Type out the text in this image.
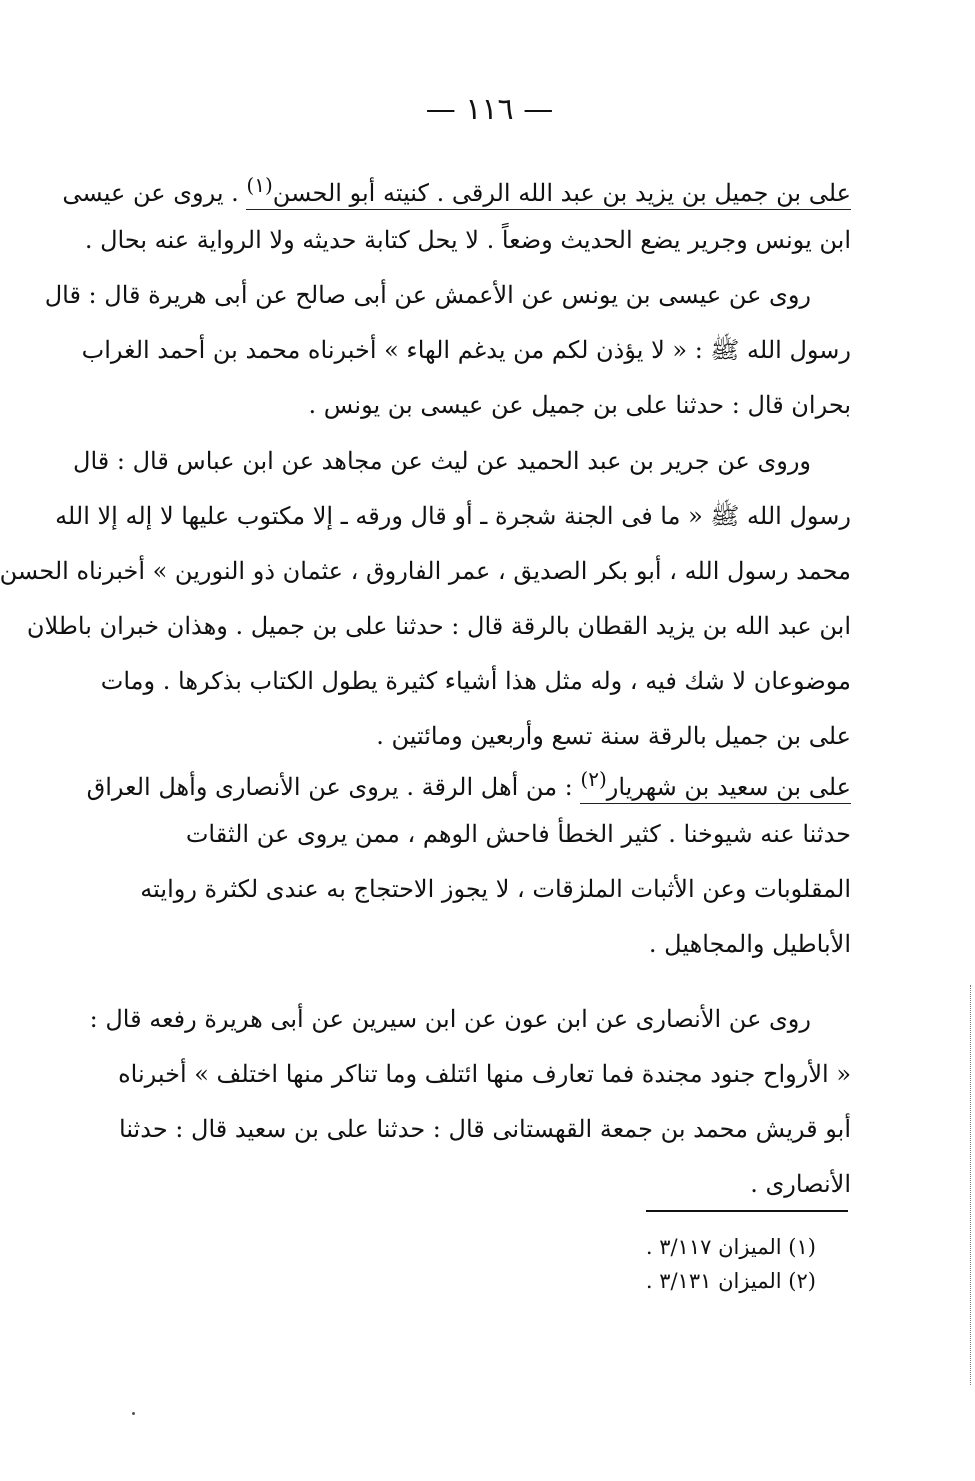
— ١١٦ —
على بن جميل بن يزيد بن عبد الله الرقى . كنيته أبو الحسن$^{(١)}$ . يروى عن عيسى
ابن يونس وجرير يضع الحديث وضعاً . لا يحل كتابة حديثه ولا الرواية عنه بحال .
روى عن عيسى بن يونس عن الأعمش عن أبى صالح عن أبى هريرة قال : قال
رسول الله ﷺ : « لا يؤذن لكم من يدغم الهاء » أخبرناه محمد بن أحمد الغراب
بحران قال : حدثنا على بن جميل عن عيسى بن يونس .
وروى عن جرير بن عبد الحميد عن ليث عن مجاهد عن ابن عباس قال : قال
رسول الله ﷺ « ما فى الجنة شجرة ـ أو قال ورقه ـ إلا مكتوب عليها لا إله إلا الله
محمد رسول الله ، أبو بكر الصديق ، عمر الفاروق ، عثمان ذو النورين » أخبرناه الحسن
ابن عبد الله بن يزيد القطان بالرقة قال : حدثنا على بن جميل . وهذان خبران باطلان
موضوعان لا شك فيه ، وله مثل هذا أشياء كثيرة يطول الكتاب بذكرها . ومات
على بن جميل بالرقة سنة تسع وأربعين ومائتين .
على بن سعيد بن شهريار$^{(٢)}$ : من أهل الرقة . يروى عن الأنصارى وأهل العراق
حدثنا عنه شيوخنا . كثير الخطأ فاحش الوهم ، ممن يروى عن الثقات
المقلوبات وعن الأثبات الملزقات ، لا يجوز الاحتجاج به عندى لكثرة روايته
الأباطيل والمجاهيل .
روى عن الأنصارى عن ابن عون عن ابن سيرين عن أبى هريرة رفعه قال :
« الأرواح جنود مجندة فما تعارف منها ائتلف وما تناكر منها اختلف » أخبرناه
أبو قريش محمد بن جمعة القهستانى قال : حدثنا على بن سعيد قال : حدثنا
الأنصارى .
(١) الميزان ٣/١١٧ .
(٢) الميزان ٣/١٣١ .
